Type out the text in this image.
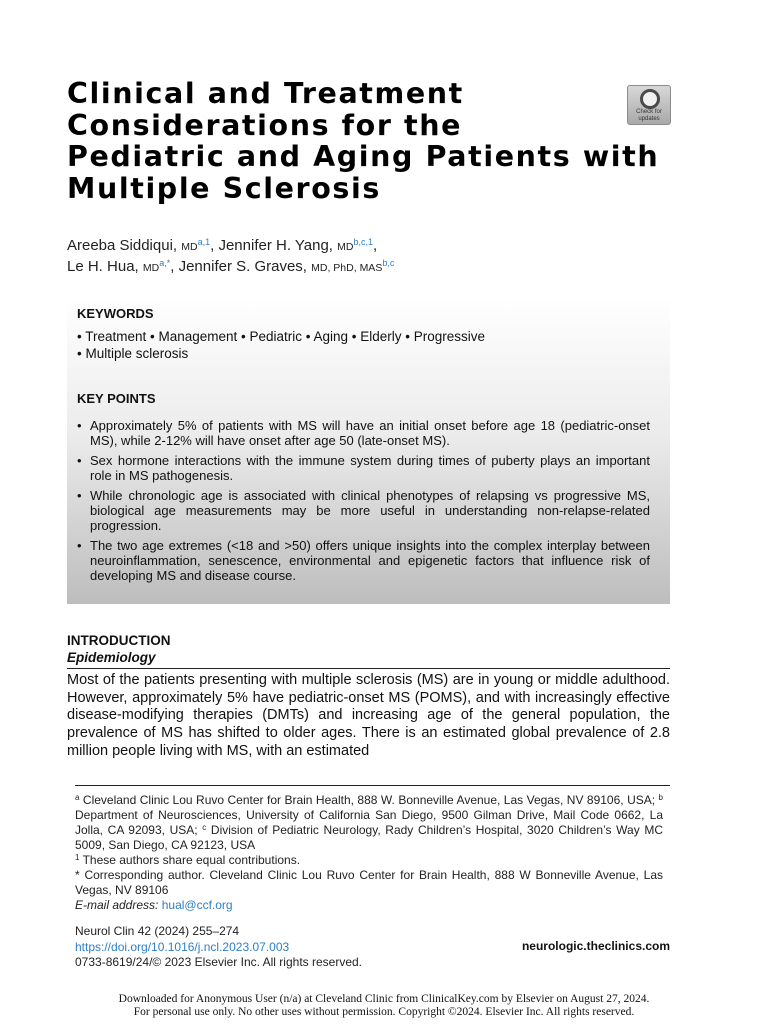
Clinical and Treatment
Considerations for the
Pediatric and Aging Patients with
Multiple Sclerosis
Check for
updates
Areeba Siddiqui, MD$^{a,1}$, Jennifer H. Yang, MD$^{b,c,1}$,
Le H. Hua, $MD^{a,*}$, Jennifer S. Graves, MD, PhD, MAS$^{b,c}$
KEYWORDS
• Treatment • Management • Pediatric • Aging • Elderly • Progressive
• Multiple sclerosis
KEY POINTS
• Approximately 5% of patients with MS will have an initial onset before age 18 (pediatric-onset MS), while 2-12% will have onset after age 50 (late-onset MS).
• Sex hormone interactions with the immune system during times of puberty plays an important role in MS pathogenesis.
• While chronologic age is associated with clinical phenotypes of relapsing vs progressive MS, biological age measurements may be more useful in understanding non-relapse-related progression.
• The two age extremes (<18 and >50) offers unique insights into the complex interplay between neuroinflammation, senescence, environmental and epigenetic factors that influence risk of developing MS and disease course.
INTRODUCTION
Epidemiology

Most of the patients presenting with multiple sclerosis (MS) are in young or middle adulthood. However, approximately 5% have pediatric-onset MS (POMS), and with increasingly effective disease-modifying therapies (DMTs) and increasing age of the general population, the prevalence of MS has shifted to older ages. There is an estimated global prevalence of 2.8 million people living with MS, with an estimated

$^a$ Cleveland Clinic Lou Ruvo Center for Brain Health, 888 W. Bonneville Avenue, Las Vegas, NV 89106, USA; $^b$ Department of Neurosciences, University of California San Diego, 9500 Gilman Drive, Mail Code 0662, La Jolla, CA 92093, USA; $^c$ Division of Pediatric Neurology, Rady Children’s Hospital, 3020 Children’s Way MC 5009, San Diego, CA 92123, USA

$^1$ These authors share equal contributions.

* Corresponding author. Cleveland Clinic Lou Ruvo Center for Brain Health, 888 W Bonneville Avenue, Las Vegas, NV 89106

E-mail address: hual@ccf.org

Neurol Clin 42 (2024) 255–274
https://doi.org/10.1016/j.ncl.2023.07.003
0733-8619/24/© 2023 Elsevier Inc. All rights reserved.
neurologic.theclinics.com
Downloaded for Anonymous User (n/a) at Cleveland Clinic from ClinicalKey.com by Elsevier on August 27, 2024.
For personal use only. No other uses without permission. Copyright ©2024. Elsevier Inc. All rights reserved.
